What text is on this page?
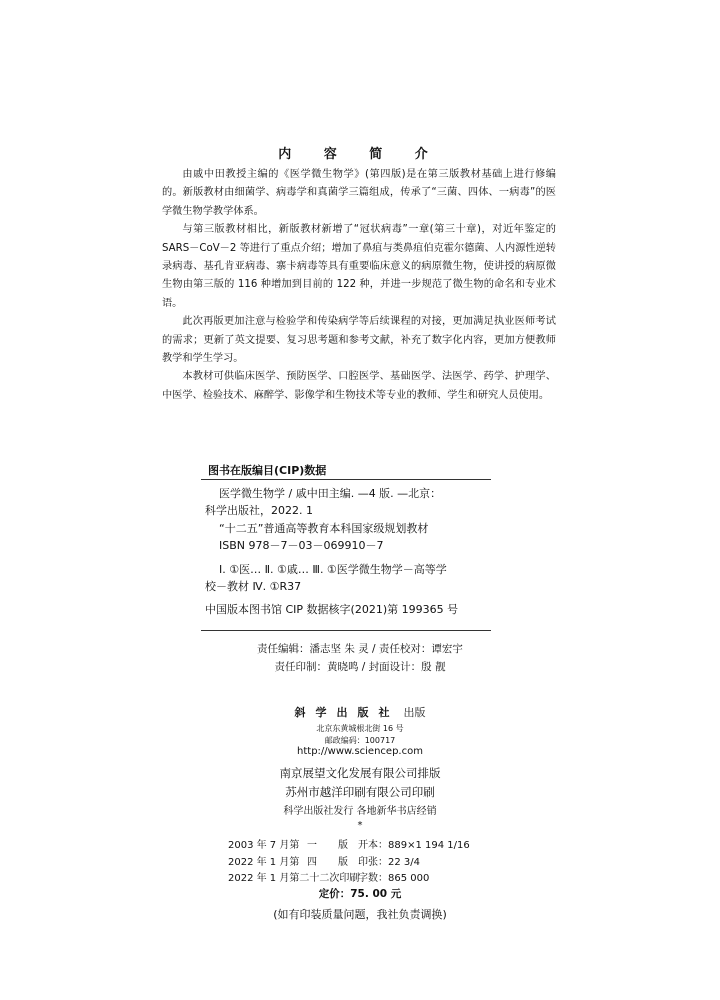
内 容 简 介

由戚中田教授主编的《医学微生物学》(第四版)是在第三版教材基础上进行修编的。新版教材由细菌学、病毒学和真菌学三篇组成，传承了“三菌、四体、一病毒”的医学微生物学教学体系。

与第三版教材相比，新版教材新增了“冠状病毒”一章(第三十章)，对近年鉴定的 SARS－CoV－2 等进行了重点介绍；增加了鼻疽与类鼻疽伯克霍尔德菌、人内源性逆转录病毒、基孔肯亚病毒、寨卡病毒等具有重要临床意义的病原微生物，使讲授的病原微生物由第三版的 116 种增加到目前的 122 种，并进一步规范了微生物的命名和专业术语。

此次再版更加注意与检验学和传染病学等后续课程的对接，更加满足执业医师考试的需求；更新了英文提要、复习思考题和参考文献，补充了数字化内容，更加方便教师教学和学生学习。

本教材可供临床医学、预防医学、口腔医学、基础医学、法医学、药学、护理学、中医学、检验技术、麻醉学、影像学和生物技术等专业的教师、学生和研究人员使用。

图书在版编目(CIP)数据
医学微生物学 / 戚中田主编. —4 版. —北京：
科学出版社，2022. 1
“十二五”普通高等教育本科国家级规划教材
ISBN 978－7－03－069910－7
Ⅰ. ①医… Ⅱ. ①戚… Ⅲ. ①医学微生物学－高等学
校－教材 Ⅳ. ①R37
中国版本图书馆 CIP 数据核字(2021)第 199365 号
责任编辑：潘志坚 朱 灵 / 责任校对：谭宏宇
责任印制：黄晓鸣 / 封面设计：殷 靓
斜学出版社 出版
北京东黄城根北街 16 号
邮政编码：100717
http://www.sciencep.com
南京展望文化发展有限公司排版
苏州市越洋印刷有限公司印刷
科学出版社发行 各地新华书店经销
*
2003 年 7 月第 一 版 开本：889×1 194 1/16
2022 年 1 月第 四 版 印张：22 3/4
2022 年 1 月第二十二次印刷字数：865 000
定价：75. 00 元
(如有印装质量问题，我社负责调换)
